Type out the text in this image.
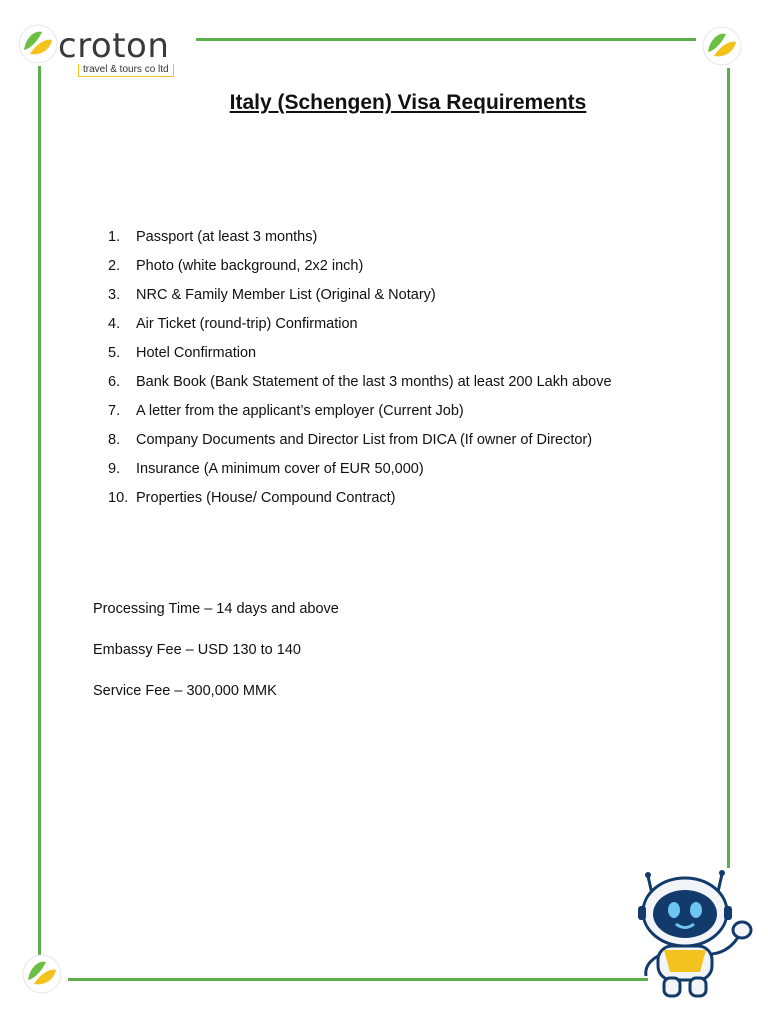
croton
travel & tours co ltd
Italy (Schengen) Visa Requirements
1.	Passport (at least 3 months)
2.	Photo (white background, 2x2 inch)
3.	NRC & Family Member List (Original & Notary)
4.	Air Ticket (round-trip) Confirmation
5.	Hotel Confirmation
6.	Bank Book (Bank Statement of the last 3 months) at least 200 Lakh above
7.	A letter from the applicant’s employer (Current Job)
8.	Company Documents and Director List from DICA (If owner of Director)
9.	Insurance (A minimum cover of EUR 50,000)
10. Properties (House/ Compound Contract)
Processing Time – 14 days and above
Embassy Fee – USD 130 to 140
Service Fee – 300,000 MMK
